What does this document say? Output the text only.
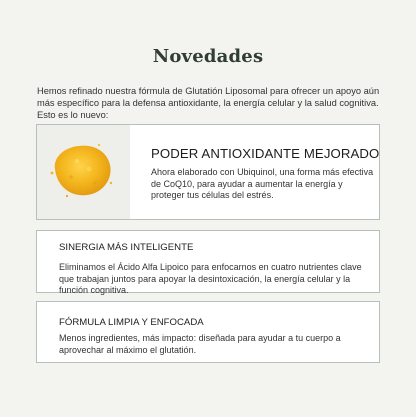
Novedades
Hemos refinado nuestra fórmula de Glutatión Liposomal para ofrecer un apoyo aún más específico para la defensa antioxidante, la energía celular y la salud cognitiva. Esto es lo nuevo:
PODER ANTIOXIDANTE MEJORADO
Ahora elaborado con Ubiquinol, una forma más efectiva de CoQ10, para ayudar a aumentar la energía y proteger tus células del estrés.
SINERGIA MÁS INTELIGENTE
Eliminamos el Ácido Alfa Lipoico para enfocarnos en cuatro nutrientes clave que trabajan juntos para apoyar la desintoxicación, la energía celular y la función cognitiva.
FÓRMULA LIMPIA Y ENFOCADA
Menos ingredientes, más impacto: diseñada para ayudar a tu cuerpo a aprovechar al máximo el glutatión.
